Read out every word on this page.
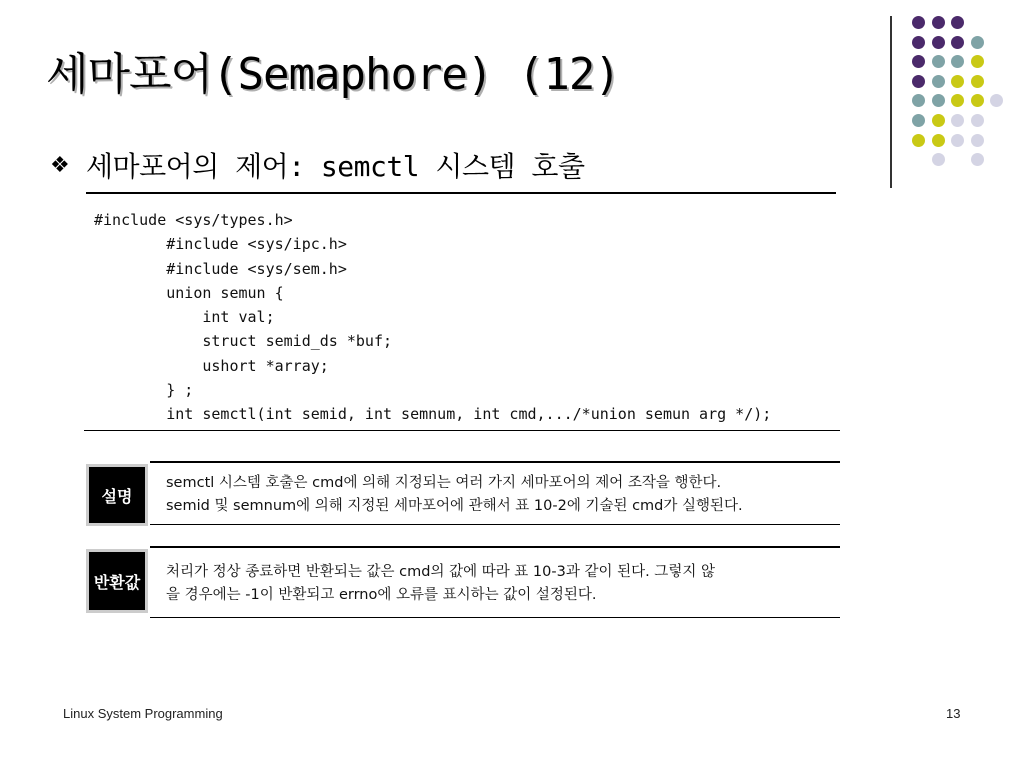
세마포어(Semaphore) (12)
❖ 세마포어의 제어: semctl 시스템 호출
#include <sys/types.h>
#include <sys/ipc.h>
#include <sys/sem.h>
union semun {
int val;
struct semid_ds *buf;
ushort *array;
} ;
int semctl(int semid, int semnum, int cmd,.../*union semun arg */);
설명
semctl 시스템 호출은 cmd에 의해 지정되는 여러 가지 세마포어의 제어 조작을 행한다.
semid 및 semnum에 의해 지정된 세마포어에 관해서 표 10-2에 기술된 cmd가 실행된다.
반환값
처리가 정상 종료하면 반환되는 값은 cmd의 값에 따라 표 10-3과 같이 된다. 그렇지 않
을 경우에는 -1이 반환되고 errno에 오류를 표시하는 값이 설정된다.
Linux System Programming	13
